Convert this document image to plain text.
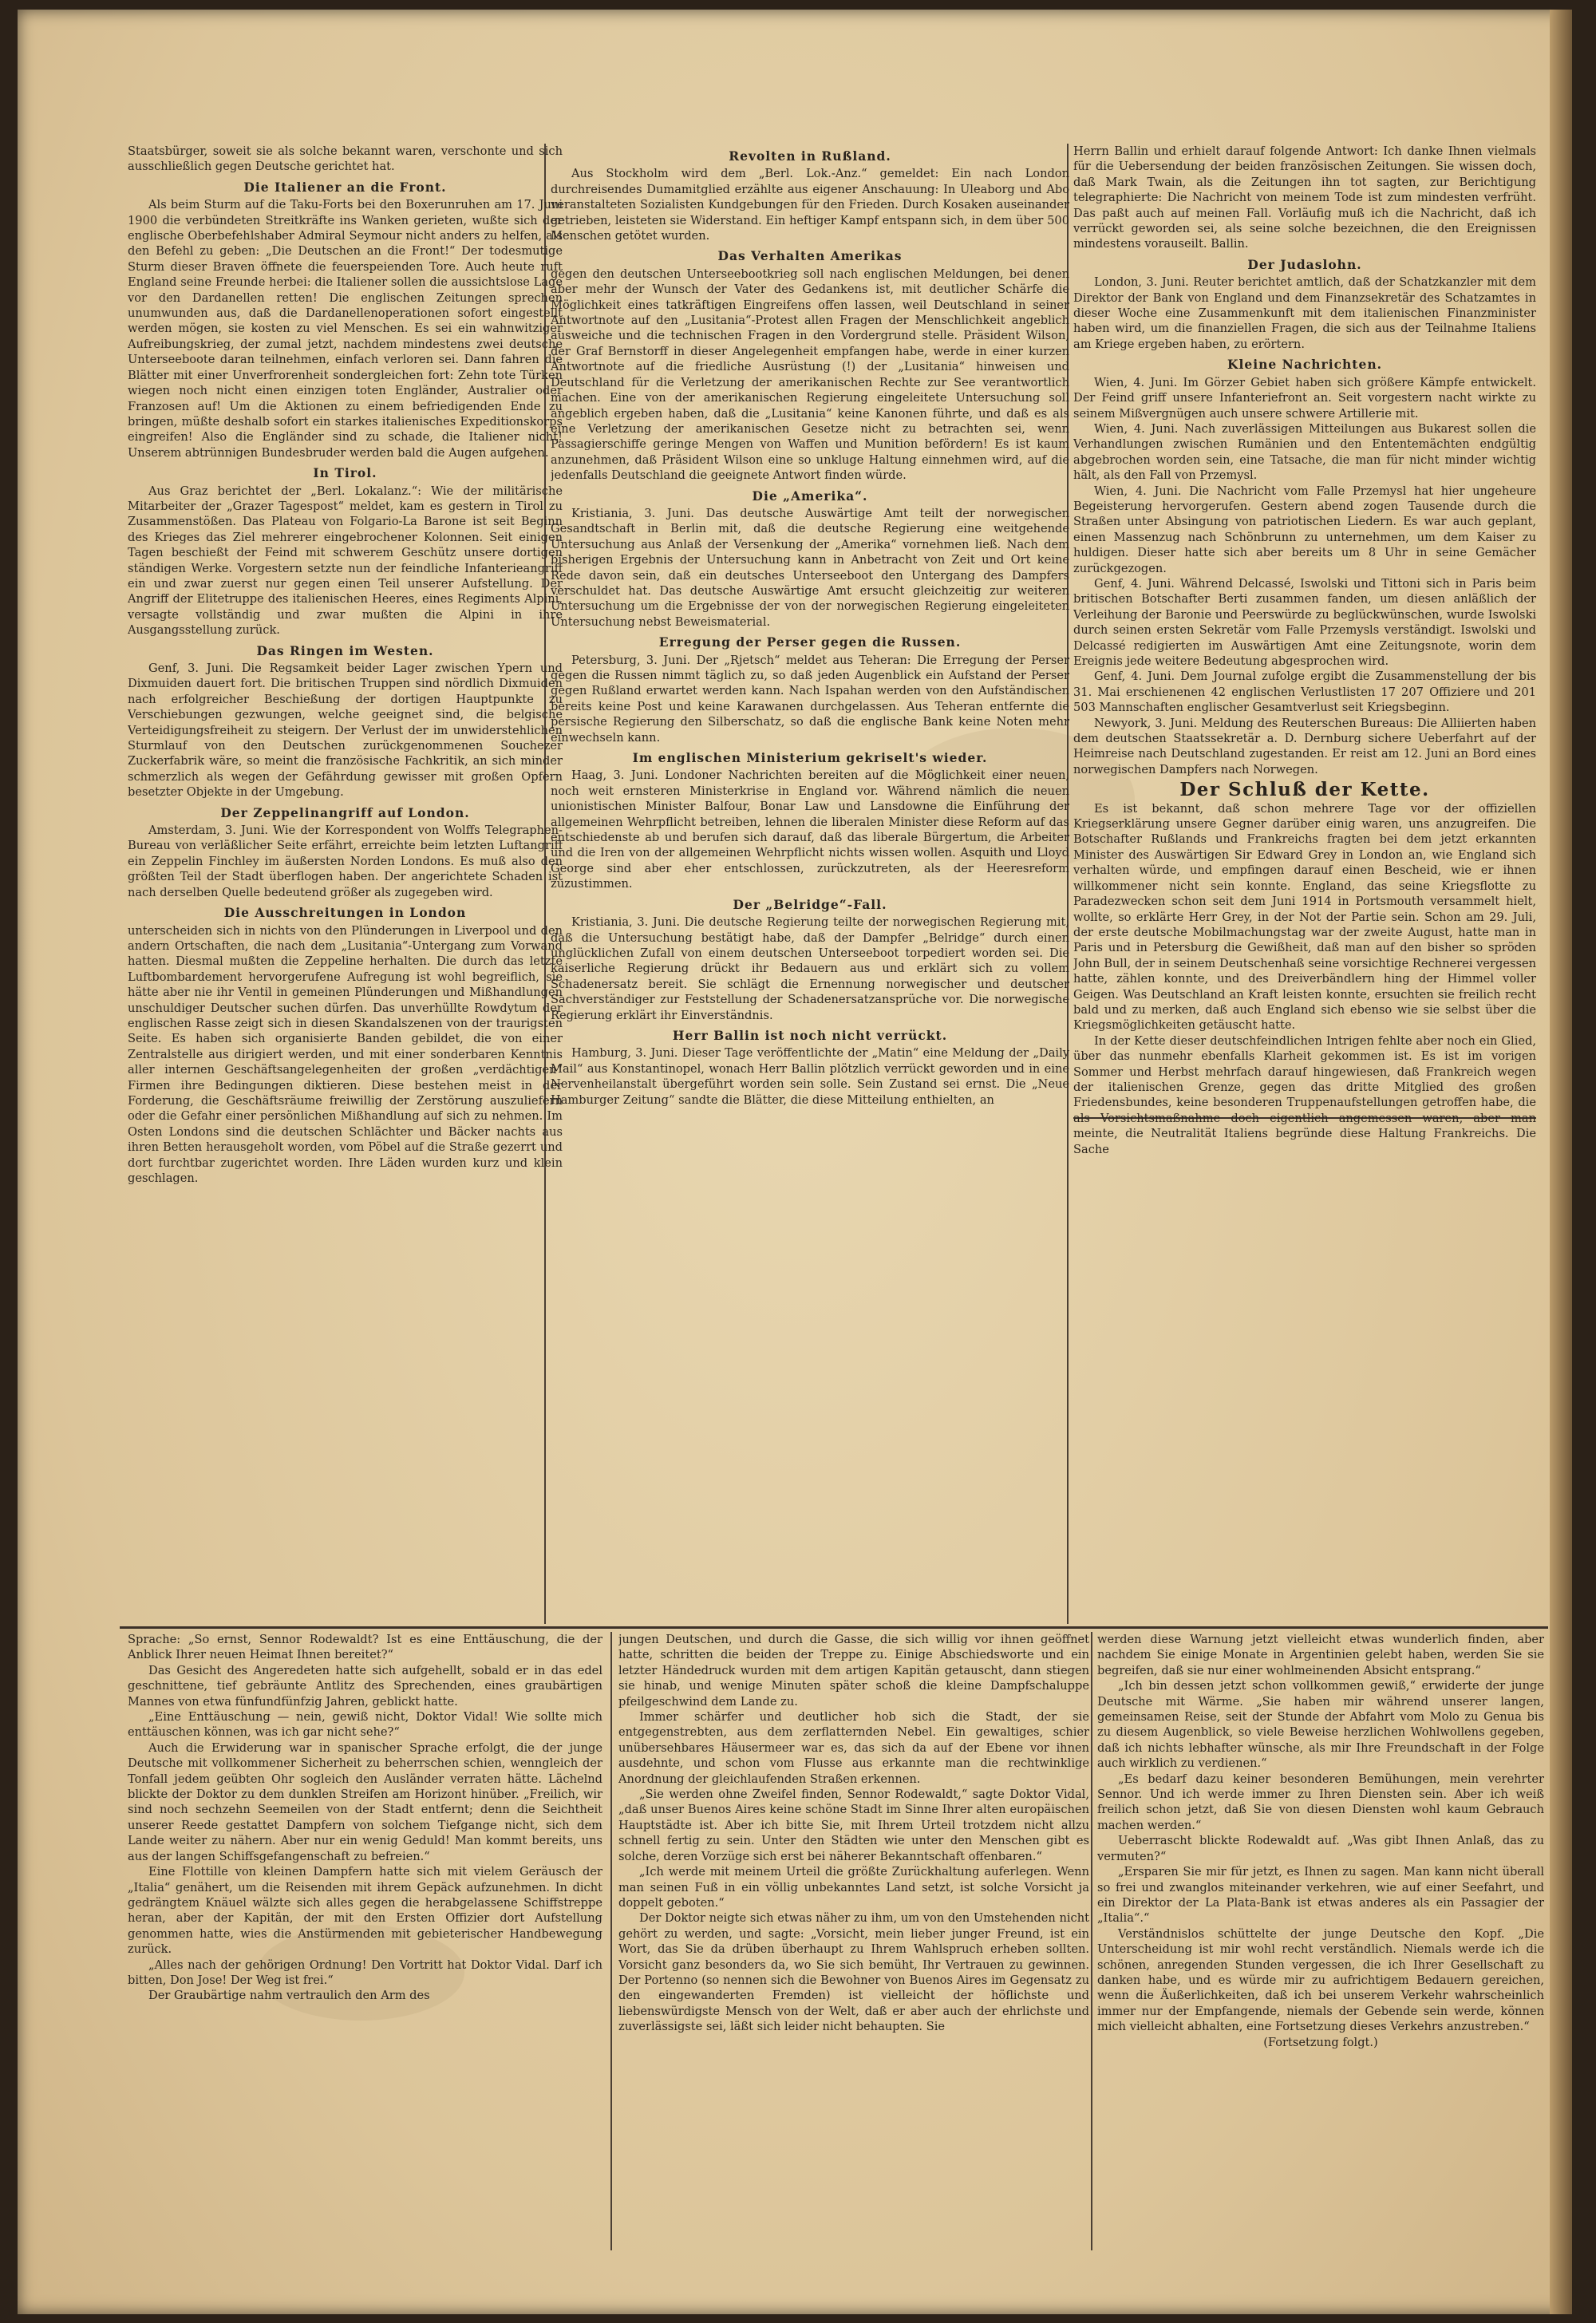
Staatsbürger, soweit sie als solche bekannt waren, verschonte und sich ausschließlich gegen Deutsche gerichtet hat.

Die Italiener an die Front.

Als beim Sturm auf die Taku-Forts bei den Boxerunruhen am 17. Juni 1900 die verbündeten Streitkräfte ins Wanken gerieten, wußte sich der englische Oberbefehlshaber Admiral Seymour nicht anders zu helfen, als den Befehl zu geben: „Die Deutschen an die Front!“ Der todesmutige Sturm dieser Braven öffnete die feuerspeienden Tore. Auch heute ruft England seine Freunde herbei: die Italiener sollen die aussichtslose Lage vor den Dardanellen retten! Die englischen Zeitungen sprechen unumwunden aus, daß die Dardanellenoperationen sofort eingestellt werden mögen, sie kosten zu viel Menschen. Es sei ein wahnwitziger Aufreibungskrieg, der zumal jetzt, nachdem mindestens zwei deutsche Unterseeboote daran teilnehmen, einfach verloren sei. Dann fahren die Blätter mit einer Unverfrorenheit sondergleichen fort: Zehn tote Türken wiegen noch nicht einen einzigen toten Engländer, Australier oder Franzosen auf! Um die Aktionen zu einem befriedigenden Ende zu bringen, müßte deshalb sofort ein starkes italienisches Expeditionskorps eingreifen! Also die Engländer sind zu schade, die Italiener nicht! Unserem abtrünnigen Bundesbruder werden bald die Augen aufgehen.

In Tirol.

Aus Graz berichtet der „Berl. Lokalanz.“: Wie der militärische Mitarbeiter der „Grazer Tagespost“ meldet, kam es gestern in Tirol zu Zusammenstößen. Das Plateau von Folgario-La Barone ist seit Beginn des Krieges das Ziel mehrerer eingebrochener Kolonnen. Seit einigen Tagen beschießt der Feind mit schwerem Geschütz unsere dortigen ständigen Werke. Vorgestern setzte nun der feindliche Infanterieangriff ein und zwar zuerst nur gegen einen Teil unserer Aufstellung. Der Angriff der Elitetruppe des italienischen Heeres, eines Regiments Alpini, versagte vollständig und zwar mußten die Alpini in ihre Ausgangsstellung zurück.

Das Ringen im Westen.

Genf, 3. Juni. Die Regsamkeit beider Lager zwischen Ypern und Dixmuiden dauert fort. Die britischen Truppen sind nördlich Dixmuiden nach erfolgreicher Beschießung der dortigen Hauptpunkte zu Verschiebungen gezwungen, welche geeignet sind, die belgische Verteidigungsfreiheit zu steigern. Der Verlust der im unwiderstehlichen Sturmlauf von den Deutschen zurückgenommenen Souchezer Zuckerfabrik wäre, so meint die französische Fachkritik, an sich minder schmerzlich als wegen der Gefährdung gewisser mit großen Opfern besetzter Objekte in der Umgebung.

Der Zeppelinangriff auf London.

Amsterdam, 3. Juni. Wie der Korrespondent von Wolffs Telegraphen-Bureau von verläßlicher Seite erfährt, erreichte beim letzten Luftangriff ein Zeppelin Finchley im äußersten Norden Londons. Es muß also den größten Teil der Stadt überflogen haben. Der angerichtete Schaden ist nach derselben Quelle bedeutend größer als zugegeben wird.

Die Ausschreitungen in London

unterscheiden sich in nichts von den Plünderungen in Liverpool und den andern Ortschaften, die nach dem „Lusitania“-Untergang zum Vorwand hatten. Diesmal mußten die Zeppeline herhalten. Die durch das letzte Luftbombardement hervorgerufene Aufregung ist wohl begreiflich, sie hätte aber nie ihr Ventil in gemeinen Plünderungen und Mißhandlungen unschuldiger Deutscher suchen dürfen. Das unverhüllte Rowdytum der englischen Rasse zeigt sich in diesen Skandalszenen von der traurigsten Seite. Es haben sich organisierte Banden gebildet, die von einer Zentralstelle aus dirigiert werden, und mit einer sonderbaren Kenntnis aller internen Geschäftsangelegenheiten der großen „verdächtigen“ Firmen ihre Bedingungen diktieren. Diese bestehen meist in der Forderung, die Geschäftsräume freiwillig der Zerstörung auszuliefern oder die Gefahr einer persönlichen Mißhandlung auf sich zu nehmen. Im Osten Londons sind die deutschen Schlächter und Bäcker nachts aus ihren Betten herausgeholt worden, vom Pöbel auf die Straße gezerrt und dort furchtbar zugerichtet worden. Ihre Läden wurden kurz und klein geschlagen.

Revolten in Rußland.

Aus Stockholm wird dem „Berl. Lok.-Anz.“ gemeldet: Ein nach London durchreisendes Dumamitglied erzählte aus eigener Anschauung: In Uleaborg und Abo veranstalteten Sozialisten Kundgebungen für den Frieden. Durch Kosaken auseinander getrieben, leisteten sie Widerstand. Ein heftiger Kampf entspann sich, in dem über 500 Menschen getötet wurden.

Das Verhalten Amerikas

gegen den deutschen Unterseebootkrieg soll nach englischen Meldungen, bei denen aber mehr der Wunsch der Vater des Gedankens ist, mit deutlicher Schärfe die Möglichkeit eines tatkräftigen Eingreifens offen lassen, weil Deutschland in seiner Antwortnote auf den „Lusitania“-Protest allen Fragen der Menschlichkeit angeblich ausweiche und die technischen Fragen in den Vordergrund stelle. Präsident Wilson, der Graf Bernstorff in dieser Angelegenheit empfangen habe, werde in einer kurzen Antwortnote auf die friedliche Ausrüstung (!) der „Lusitania“ hinweisen und Deutschland für die Verletzung der amerikanischen Rechte zur See verantwortlich machen. Eine von der amerikanischen Regierung eingeleitete Untersuchung soll angeblich ergeben haben, daß die „Lusitania“ keine Kanonen führte, und daß es als eine Verletzung der amerikanischen Gesetze nicht zu betrachten sei, wenn Passagierschiffe geringe Mengen von Waffen und Munition befördern! Es ist kaum anzunehmen, daß Präsident Wilson eine so unkluge Haltung einnehmen wird, auf die jedenfalls Deutschland die geeignete Antwort finden würde.

Die „Amerika“.

Kristiania, 3. Juni. Das deutsche Auswärtige Amt teilt der norwegischen Gesandtschaft in Berlin mit, daß die deutsche Regierung eine weitgehende Untersuchung aus Anlaß der Versenkung der „Amerika“ vornehmen ließ. Nach dem bisherigen Ergebnis der Untersuchung kann in Anbetracht von Zeit und Ort keine Rede davon sein, daß ein deutsches Unterseeboot den Untergang des Dampfers verschuldet hat. Das deutsche Auswärtige Amt ersucht gleichzeitig zur weiteren Untersuchung um die Ergebnisse der von der norwegischen Regierung eingeleiteten Untersuchung nebst Beweismaterial.

Erregung der Perser gegen die Russen.

Petersburg, 3. Juni. Der „Rjetsch“ meldet aus Teheran: Die Erregung der Perser gegen die Russen nimmt täglich zu, so daß jeden Augenblick ein Aufstand der Perser gegen Rußland erwartet werden kann. Nach Ispahan werden von den Aufständischen bereits keine Post und keine Karawanen durchgelassen. Aus Teheran entfernte die persische Regierung den Silberschatz, so daß die englische Bank keine Noten mehr einwechseln kann.

Im englischen Ministerium gekriselt's wieder.

Haag, 3. Juni. Londoner Nachrichten bereiten auf die Möglichkeit einer neuen, noch weit ernsteren Ministerkrise in England vor. Während nämlich die neuen unionistischen Minister Balfour, Bonar Law und Lansdowne die Einführung der allgemeinen Wehrpflicht betreiben, lehnen die liberalen Minister diese Reform auf das entschiedenste ab und berufen sich darauf, daß das liberale Bürgertum, die Arbeiter und die Iren von der allgemeinen Wehrpflicht nichts wissen wollen. Asquith und Lloyd George sind aber eher entschlossen, zurückzutreten, als der Heeresreform zuzustimmen.

Der „Belridge“-Fall.

Kristiania, 3. Juni. Die deutsche Regierung teilte der norwegischen Regierung mit, daß die Untersuchung bestätigt habe, daß der Dampfer „Belridge“ durch einen unglücklichen Zufall von einem deutschen Unterseeboot torpediert worden sei. Die kaiserliche Regierung drückt ihr Bedauern aus und erklärt sich zu vollem Schadenersatz bereit. Sie schlägt die Ernennung norwegischer und deutscher Sachverständiger zur Feststellung der Schadenersatzansprüche vor. Die norwegische Regierung erklärt ihr Einverständnis.

Herr Ballin ist noch nicht verrückt.

Hamburg, 3. Juni. Dieser Tage veröffentlichte der „Matin“ eine Meldung der „Daily Mail“ aus Konstantinopel, wonach Herr Ballin plötzlich verrückt geworden und in eine Nervenheilanstalt übergeführt worden sein solle. Sein Zustand sei ernst. Die „Neue Hamburger Zeitung“ sandte die Blätter, die diese Mitteilung enthielten, an

Herrn Ballin und erhielt darauf folgende Antwort: Ich danke Ihnen vielmals für die Uebersendung der beiden französischen Zeitungen. Sie wissen doch, daß Mark Twain, als die Zeitungen ihn tot sagten, zur Berichtigung telegraphierte: Die Nachricht von meinem Tode ist zum mindesten verfrüht. Das paßt auch auf meinen Fall. Vorläufig muß ich die Nachricht, daß ich verrückt geworden sei, als seine solche bezeichnen, die den Ereignissen mindestens vorauseilt. Ballin.

Der Judaslohn.

London, 3. Juni. Reuter berichtet amtlich, daß der Schatzkanzler mit dem Direktor der Bank von England und dem Finanzsekretär des Schatzamtes in dieser Woche eine Zusammenkunft mit dem italienischen Finanzminister haben wird, um die finanziellen Fragen, die sich aus der Teilnahme Italiens am Kriege ergeben haben, zu erörtern.

Kleine Nachrichten.

Wien, 4. Juni. Im Görzer Gebiet haben sich größere Kämpfe entwickelt. Der Feind griff unsere Infanteriefront an. Seit vorgestern nacht wirkte zu seinem Mißvergnügen auch unsere schwere Artillerie mit.

Wien, 4. Juni. Nach zuverlässigen Mitteilungen aus Bukarest sollen die Verhandlungen zwischen Rumänien und den Ententemächten endgültig abgebrochen worden sein, eine Tatsache, die man für nicht minder wichtig hält, als den Fall von Przemysl.

Wien, 4. Juni. Die Nachricht vom Falle Przemysl hat hier ungeheure Begeisterung hervorgerufen. Gestern abend zogen Tausende durch die Straßen unter Absingung von patriotischen Liedern. Es war auch geplant, einen Massenzug nach Schönbrunn zu unternehmen, um dem Kaiser zu huldigen. Dieser hatte sich aber bereits um 8 Uhr in seine Gemächer zurückgezogen.

Genf, 4. Juni. Während Delcassé, Iswolski und Tittoni sich in Paris beim britischen Botschafter Berti zusammen fanden, um diesen anläßlich der Verleihung der Baronie und Peerswürde zu beglückwünschen, wurde Iswolski durch seinen ersten Sekretär vom Falle Przemysls verständigt. Iswolski und Delcassé redigierten im Auswärtigen Amt eine Zeitungsnote, worin dem Ereignis jede weitere Bedeutung abgesprochen wird.

Genf, 4. Juni. Dem Journal zufolge ergibt die Zusammenstellung der bis 31. Mai erschienenen 42 englischen Verlustlisten 17 207 Offiziere und 201 503 Mannschaften englischer Gesamtverlust seit Kriegsbeginn.

Newyork, 3. Juni. Meldung des Reuterschen Bureaus: Die Alliierten haben dem deutschen Staatssekretär a. D. Dernburg sichere Ueberfahrt auf der Heimreise nach Deutschland zugestanden. Er reist am 12. Juni an Bord eines norwegischen Dampfers nach Norwegen.

Der Schluß der Kette.

Es ist bekannt, daß schon mehrere Tage vor der offiziellen Kriegserklärung unsere Gegner darüber einig waren, uns anzugreifen. Die Botschafter Rußlands und Frankreichs fragten bei dem jetzt erkannten Minister des Auswärtigen Sir Edward Grey in London an, wie England sich verhalten würde, und empfingen darauf einen Bescheid, wie er ihnen willkommener nicht sein konnte. England, das seine Kriegsflotte zu Paradezwecken schon seit dem Juni 1914 in Portsmouth versammelt hielt, wollte, so erklärte Herr Grey, in der Not der Partie sein. Schon am 29. Juli, der erste deutsche Mobilmachungstag war der zweite August, hatte man in Paris und in Petersburg die Gewißheit, daß man auf den bisher so spröden John Bull, der in seinem Deutschenhaß seine vorsichtige Rechnerei vergessen hatte, zählen konnte, und des Dreiverbändlern hing der Himmel voller Geigen. Was Deutschland an Kraft leisten konnte, ersuchten sie freilich recht bald und zu merken, daß auch England sich ebenso wie sie selbst über die Kriegsmöglichkeiten getäuscht hatte.

In der Kette dieser deutschfeindlichen Intrigen fehlte aber noch ein Glied, über das nunmehr ebenfalls Klarheit gekommen ist. Es ist im vorigen Sommer und Herbst mehrfach darauf hingewiesen, daß Frankreich wegen der italienischen Grenze, gegen das dritte Mitglied des großen Friedensbundes, keine besonderen Truppenaufstellungen getroffen habe, die als Vorsichtsmaßnahme doch eigentlich angemessen waren, aber man meinte, die Neutralität Italiens begründe diese Haltung Frankreichs. Die Sache

Sprache: „So ernst, Sennor Rodewaldt? Ist es eine Enttäuschung, die der Anblick Ihrer neuen Heimat Ihnen bereitet?“

Das Gesicht des Angeredeten hatte sich aufgehellt, sobald er in das edel geschnittene, tief gebräunte Antlitz des Sprechenden, eines graubärtigen Mannes von etwa fünfundfünfzig Jahren, geblickt hatte.

„Eine Enttäuschung — nein, gewiß nicht, Doktor Vidal! Wie sollte mich enttäuschen können, was ich gar nicht sehe?“

Auch die Erwiderung war in spanischer Sprache erfolgt, die der junge Deutsche mit vollkommener Sicherheit zu beherrschen schien, wenngleich der Tonfall jedem geübten Ohr sogleich den Ausländer verraten hätte. Lächelnd blickte der Doktor zu dem dunklen Streifen am Horizont hinüber. „Freilich, wir sind noch sechzehn Seemeilen von der Stadt entfernt; denn die Seichtheit unserer Reede gestattet Dampfern von solchem Tiefgange nicht, sich dem Lande weiter zu nähern. Aber nur ein wenig Geduld! Man kommt bereits, uns aus der langen Schiffsgefangenschaft zu befreien.“

Eine Flottille von kleinen Dampfern hatte sich mit vielem Geräusch der „Italia“ genähert, um die Reisenden mit ihrem Gepäck aufzunehmen. In dicht gedrängtem Knäuel wälzte sich alles gegen die herabgelassene Schiffstreppe heran, aber der Kapitän, der mit den Ersten Offizier dort Aufstellung genommen hatte, wies die Anstürmenden mit gebieterischer Handbewegung zurück.

„Alles nach der gehörigen Ordnung! Den Vortritt hat Doktor Vidal. Darf ich bitten, Don Jose! Der Weg ist frei.“

Der Graubärtige nahm vertraulich den Arm des

jungen Deutschen, und durch die Gasse, die sich willig vor ihnen geöffnet hatte, schritten die beiden der Treppe zu. Einige Abschiedsworte und ein letzter Händedruck wurden mit dem artigen Kapitän getauscht, dann stiegen sie hinab, und wenige Minuten später schoß die kleine Dampfschaluppe pfeilgeschwind dem Lande zu.

Immer schärfer und deutlicher hob sich die Stadt, der sie entgegenstrebten, aus dem zerflatternden Nebel. Ein gewaltiges, schier unübersehbares Häusermeer war es, das sich da auf der Ebene vor ihnen ausdehnte, und schon vom Flusse aus erkannte man die rechtwinklige Anordnung der gleichlaufenden Straßen erkennen.

„Sie werden ohne Zweifel finden, Sennor Rodewaldt,“ sagte Doktor Vidal, „daß unser Buenos Aires keine schöne Stadt im Sinne Ihrer alten europäischen Hauptstädte ist. Aber ich bitte Sie, mit Ihrem Urteil trotzdem nicht allzu schnell fertig zu sein. Unter den Städten wie unter den Menschen gibt es solche, deren Vorzüge sich erst bei näherer Bekanntschaft offenbaren.“

„Ich werde mit meinem Urteil die größte Zurückhaltung auferlegen. Wenn man seinen Fuß in ein völlig unbekanntes Land setzt, ist solche Vorsicht ja doppelt geboten.“

Der Doktor neigte sich etwas näher zu ihm, um von den Umstehenden nicht gehört zu werden, und sagte: „Vorsicht, mein lieber junger Freund, ist ein Wort, das Sie da drüben überhaupt zu Ihrem Wahlspruch erheben sollten. Vorsicht ganz besonders da, wo Sie sich bemüht, Ihr Vertrauen zu gewinnen. Der Portenno (so nennen sich die Bewohner von Buenos Aires im Gegensatz zu den eingewanderten Fremden) ist vielleicht der höflichste und liebenswürdigste Mensch von der Welt, daß er aber auch der ehrlichste und zuverlässigste sei, läßt sich leider nicht behaupten. Sie

werden diese Warnung jetzt vielleicht etwas wunderlich finden, aber nachdem Sie einige Monate in Argentinien gelebt haben, werden Sie sie begreifen, daß sie nur einer wohlmeinenden Absicht entsprang.“

„Ich bin dessen jetzt schon vollkommen gewiß,“ erwiderte der junge Deutsche mit Wärme. „Sie haben mir während unserer langen, gemeinsamen Reise, seit der Stunde der Abfahrt vom Molo zu Genua bis zu diesem Augenblick, so viele Beweise herzlichen Wohlwollens gegeben, daß ich nichts lebhafter wünsche, als mir Ihre Freundschaft in der Folge auch wirklich zu verdienen.“

„Es bedarf dazu keiner besonderen Bemühungen, mein verehrter Sennor. Und ich werde immer zu Ihren Diensten sein. Aber ich weiß freilich schon jetzt, daß Sie von diesen Diensten wohl kaum Gebrauch machen werden.“

Ueberrascht blickte Rodewaldt auf. „Was gibt Ihnen Anlaß, das zu vermuten?“

„Ersparen Sie mir für jetzt, es Ihnen zu sagen. Man kann nicht überall so frei und zwanglos miteinander verkehren, wie auf einer Seefahrt, und ein Direktor der La Plata-Bank ist etwas anderes als ein Passagier der „Italia“.“

Verständnislos schüttelte der junge Deutsche den Kopf. „Die Unterscheidung ist mir wohl recht verständlich. Niemals werde ich die schönen, anregenden Stunden vergessen, die ich Ihrer Gesellschaft zu danken habe, und es würde mir zu aufrichtigem Bedauern gereichen, wenn die Äußerlichkeiten, daß ich bei unserem Verkehr wahrscheinlich immer nur der Empfangende, niemals der Gebende sein werde, können mich vielleicht abhalten, eine Fortsetzung dieses Verkehrs anzustreben.“

(Fortsetzung folgt.)
